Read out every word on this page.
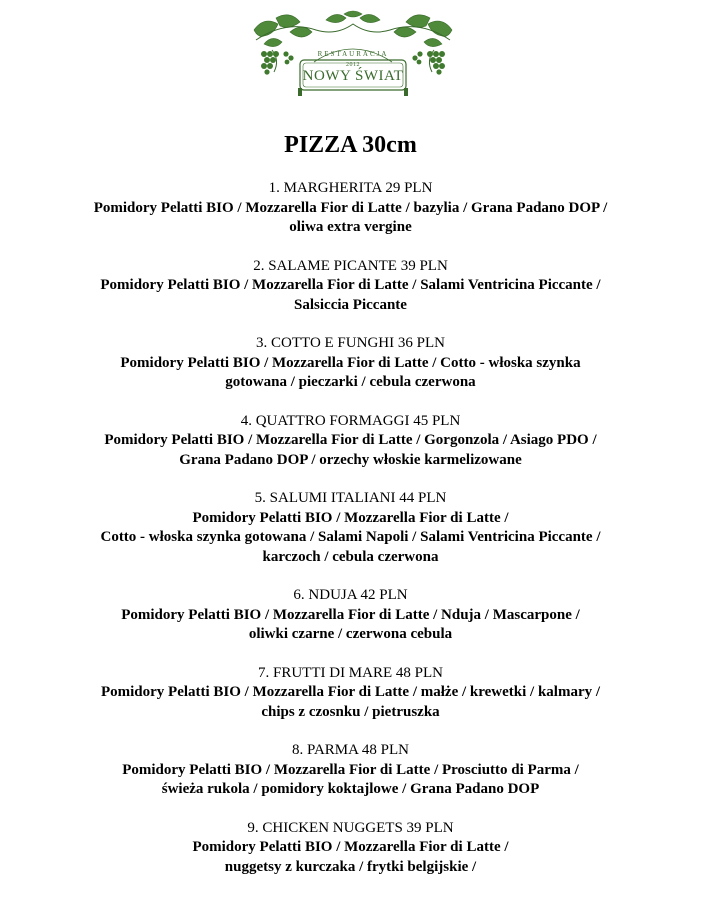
RESTAURACJA
2012
NOWY ŚWIAT
PIZZA 30cm
1. MARGHERITA 29 PLN
Pomidory Pelatti BIO / Mozzarella Fior di Latte / bazylia / Grana Padano DOP /
oliwa extra vergine
2. SALAME PICANTE 39 PLN
Pomidory Pelatti BIO / Mozzarella Fior di Latte / Salami Ventricina Piccante /
Salsiccia Piccante
3. COTTO E FUNGHI 36 PLN
Pomidory Pelatti BIO / Mozzarella Fior di Latte / Cotto - włoska szynka
gotowana / pieczarki / cebula czerwona
4. QUATTRO FORMAGGI 45 PLN
Pomidory Pelatti BIO / Mozzarella Fior di Latte / Gorgonzola / Asiago PDO /
Grana Padano DOP / orzechy włoskie karmelizowane
5. SALUMI ITALIANI 44 PLN
Pomidory Pelatti BIO / Mozzarella Fior di Latte /
Cotto - włoska szynka gotowana / Salami Napoli / Salami Ventricina Piccante /
karczoch / cebula czerwona
6. NDUJA 42 PLN
Pomidory Pelatti BIO / Mozzarella Fior di Latte / Nduja / Mascarpone /
oliwki czarne / czerwona cebula
7. FRUTTI DI MARE 48 PLN
Pomidory Pelatti BIO / Mozzarella Fior di Latte / małże / krewetki / kalmary /
chips z czosnku / pietruszka
8. PARMA 48 PLN
Pomidory Pelatti BIO / Mozzarella Fior di Latte / Prosciutto di Parma /
świeża rukola / pomidory koktajlowe / Grana Padano DOP
9. CHICKEN NUGGETS 39 PLN
Pomidory Pelatti BIO / Mozzarella Fior di Latte /
nuggetsy z kurczaka / frytki belgijskie /
